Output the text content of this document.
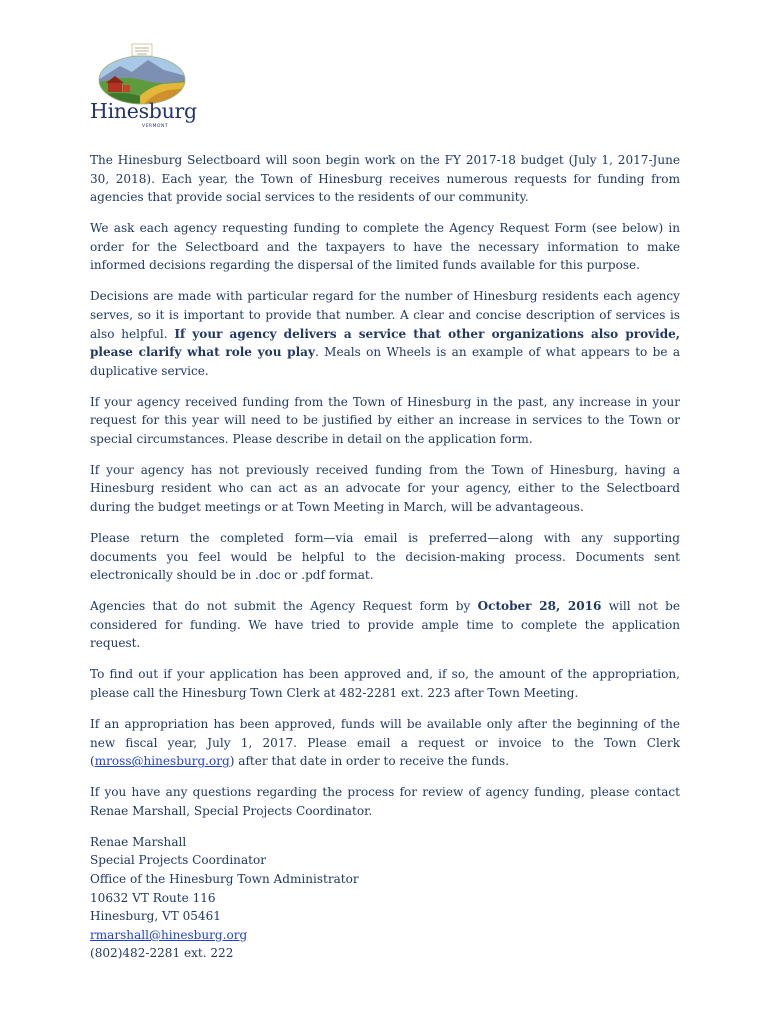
Hinesburg
VERMONT

The Hinesburg Selectboard will soon begin work on the FY 2017-18 budget (July 1, 2017-June 30, 2018). Each year, the Town of Hinesburg receives numerous requests for funding from agencies that provide social services to the residents of our community.

We ask each agency requesting funding to complete the Agency Request Form (see below) in order for the Selectboard and the taxpayers to have the necessary information to make informed decisions regarding the dispersal of the limited funds available for this purpose.

Decisions are made with particular regard for the number of Hinesburg residents each agency serves, so it is important to provide that number. A clear and concise description of services is also helpful. If your agency delivers a service that other organizations also provide, please clarify what role you play. Meals on Wheels is an example of what appears to be a duplicative service.

If your agency received funding from the Town of Hinesburg in the past, any increase in your request for this year will need to be justified by either an increase in services to the Town or special circumstances. Please describe in detail on the application form.

If your agency has not previously received funding from the Town of Hinesburg, having a Hinesburg resident who can act as an advocate for your agency, either to the Selectboard during the budget meetings or at Town Meeting in March, will be advantageous.

Please return the completed form—via email is preferred—along with any supporting documents you feel would be helpful to the decision-making process. Documents sent electronically should be in .doc or .pdf format.

Agencies that do not submit the Agency Request form by October 28, 2016 will not be considered for funding. We have tried to provide ample time to complete the application request.

To find out if your application has been approved and, if so, the amount of the appropriation, please call the Hinesburg Town Clerk at 482-2281 ext. 223 after Town Meeting.

If an appropriation has been approved, funds will be available only after the beginning of the new fiscal year, July 1, 2017. Please email a request or invoice to the Town Clerk (mross@hinesburg.org) after that date in order to receive the funds.

If you have any questions regarding the process for review of agency funding, please contact Renae Marshall, Special Projects Coordinator.

Renae Marshall
Special Projects Coordinator
Office of the Hinesburg Town Administrator
10632 VT Route 116
Hinesburg, VT 05461
rmarshall@hinesburg.org
(802)482-2281 ext. 222
